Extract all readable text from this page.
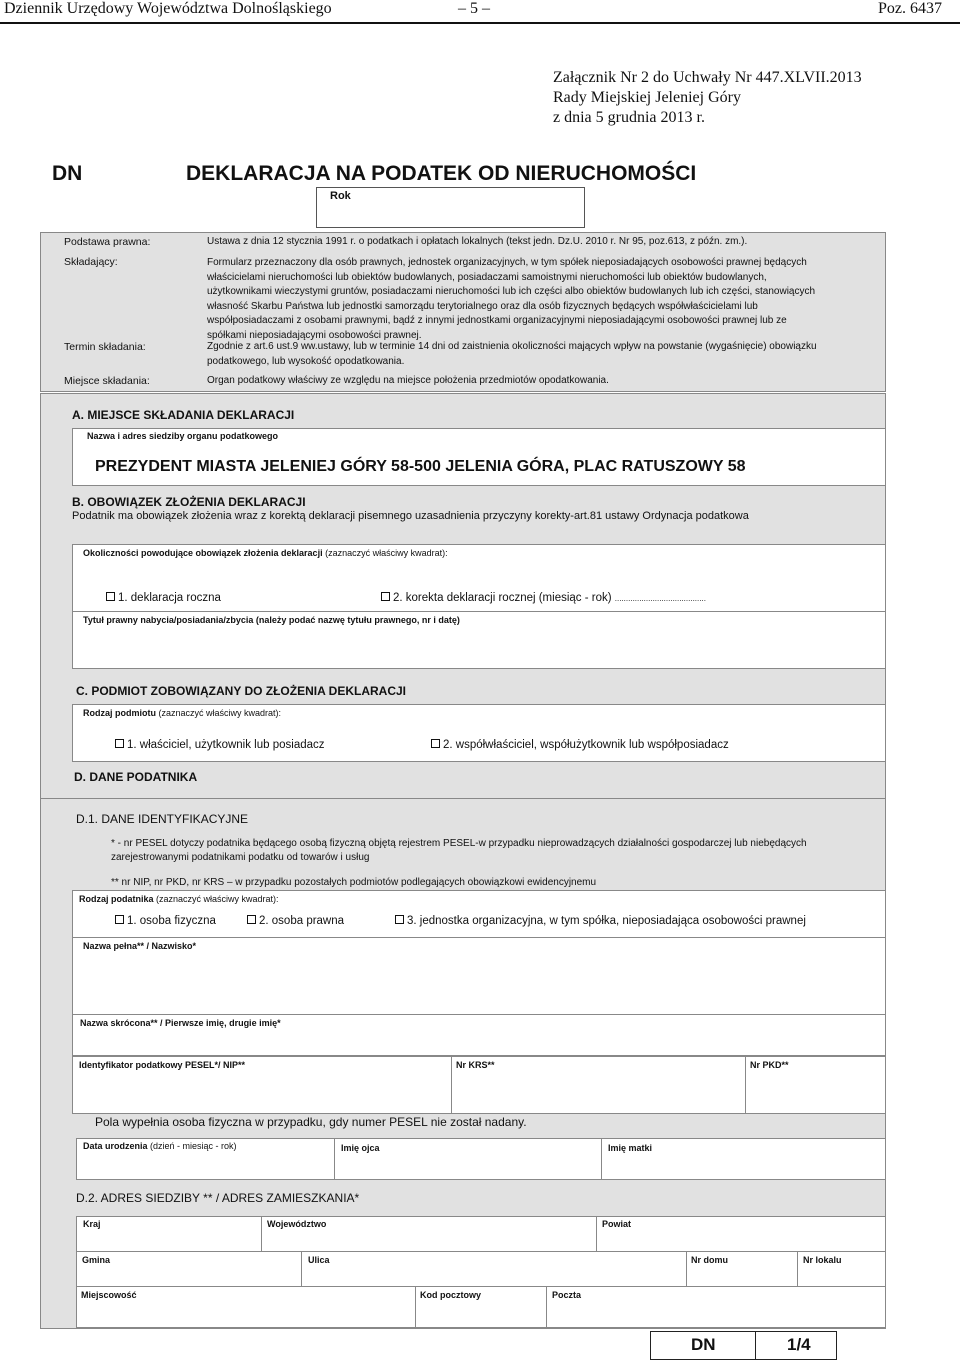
Dziennik Urzędowy Województwa Dolnośląskiego	– 5 –	Poz. 6437
Załącznik Nr 2 do Uchwały Nr 447.XLVII.2013
Rady Miejskiej Jeleniej Góry
z dnia 5 grudnia 2013 r.
DN	DEKLARACJA NA PODATEK OD NIERUCHOMOŚCI
Rok
Podstawa prawna:	Ustawa z dnia 12 stycznia 1991 r. o podatkach i opłatach lokalnych (tekst jedn. Dz.U. 2010 r. Nr 95, poz.613, z późn. zm.).
Składający:	Formularz przeznaczony dla osób prawnych, jednostek organizacyjnych, w tym spółek nieposiadających osobowości prawnej będących
właścicielami nieruchomości lub obiektów budowlanych, posiadaczami samoistnymi nieruchomości lub obiektów budowlanych,
użytkownikami wieczystymi gruntów, posiadaczami nieruchomości lub ich części albo obiektów budowlanych lub ich części, stanowiących
własność Skarbu Państwa lub jednostki samorządu terytorialnego oraz dla osób fizycznych będących współwłaścicielami lub
współposiadaczami z osobami prawnymi, bądź z innymi jednostkami organizacyjnymi nieposiadającymi osobowości prawnej lub ze
spółkami nieposiadającymi osobowości prawnej.
Termin składania:	Zgodnie z art.6 ust.9 ww.ustawy, lub w terminie 14 dni od zaistnienia okoliczności mających wpływ na powstanie (wygaśnięcie) obowiązku
podatkowego, lub wysokość opodatkowania.
Miejsce składania:	Organ podatkowy właściwy ze względu na miejsce położenia przedmiotów opodatkowania.
A. MIEJSCE SKŁADANIA DEKLARACJI
Nazwa i adres siedziby organu podatkowego
PREZYDENT MIASTA JELENIEJ GÓRY 58-500 JELENIA GÓRA, PLAC RATUSZOWY 58
B. OBOWIĄZEK ZŁOŻENIA DEKLARACJI
Podatnik ma obowiązek złożenia wraz z korektą deklaracji pisemnego uzasadnienia przyczyny korekty-art.81 ustawy Ordynacja podatkowa
Okoliczności powodujące obowiązek złożenia deklaracji (zaznaczyć właściwy kwadrat):
1. deklaracja roczna	2. korekta deklaracji rocznej (miesiąc - rok) .........................................
Tytuł prawny nabycia/posiadania/zbycia (należy podać nazwę tytułu prawnego, nr i datę)
C. PODMIOT ZOBOWIĄZANY DO ZŁOŻENIA DEKLARACJI
Rodzaj podmiotu (zaznaczyć właściwy kwadrat):
1. właściciel, użytkownik lub posiadacz	2. współwłaściciel, współużytkownik lub współposiadacz
D. DANE PODATNIKA
D.1. DANE IDENTYFIKACYJNE
* - nr PESEL dotyczy podatnika będącego osobą fizyczną objętą rejestrem PESEL-w przypadku nieprowadzących działalności gospodarczej lub niebędących
zarejestrowanymi podatnikami podatku od towarów i usług
** nr NIP, nr PKD, nr KRS – w przypadku pozostałych podmiotów podlegających obowiązkowi ewidencyjnemu
Rodzaj podatnika (zaznaczyć właściwy kwadrat):
1. osoba fizyczna	2. osoba prawna	3. jednostka organizacyjna, w tym spółka, nieposiadająca osobowości prawnej
Nazwa pełna** / Nazwisko*
Nazwa skrócona** / Pierwsze imię, drugie imię*
Identyfikator podatkowy PESEL*/ NIP**	Nr KRS**	Nr PKD**
Pola wypełnia osoba fizyczna w przypadku, gdy numer PESEL nie został nadany.
Data urodzenia (dzień - miesiąc - rok)	Imię ojca	Imię matki
D.2. ADRES SIEDZIBY ** / ADRES ZAMIESZKANIA*
Kraj	Województwo	Powiat
Gmina	Ulica	Nr domu	Nr lokalu
Miejscowość	Kod pocztowy	Poczta
DN	1/4
